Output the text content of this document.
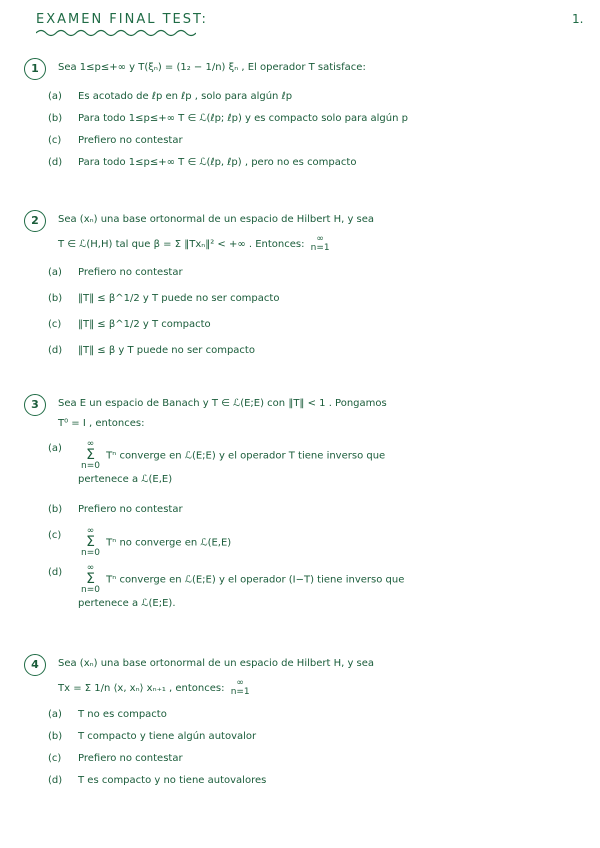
EXAMEN FINAL TEST:	1.
1	Sea 1≤p≤+∞ y T(ξₙ) = (1₂ − 1/n) ξₙ , El operador T satisface:
(a) Es acotado de ℓp en ℓp , solo para algún ℓp
(b) Para todo 1≤p≤+∞ T ∈ ℒ(ℓp; ℓp) y es compacto solo para algún p
(c) Prefiero no contestar
(d) Para todo 1≤p≤+∞ T ∈ ℒ(ℓp, ℓp) , pero no es compacto
2	Sea (xₙ) una base ortonormal de un espacio de Hilbert H, y sea
T ∈ ℒ(H,H) tal que β = Σ ‖Txₙ‖² < +∞ . Entonces: ∞
n=1
(a) Prefiero no contestar
(b) ‖T‖ ≤ β^1/2 y T puede no ser compacto
(c) ‖T‖ ≤ β^1/2 y T compacto
(d) ‖T‖ ≤ β y T puede no ser compacto
3	Sea E un espacio de Banach y T ∈ ℒ(E;E) con ‖T‖ < 1 . Pongamos
T⁰ = I , entonces:
(a)	∞
Σ
n=0 Tⁿ converge en ℒ(E;E) y el operador T tiene inverso que
pertenece a ℒ(E,E)
(b) Prefiero no contestar
(c)	∞
Σ
n=0 Tⁿ no converge en ℒ(E,E)
(d)	∞
Σ
n=0 Tⁿ converge en ℒ(E;E) y el operador (I−T) tiene inverso que
pertenece a ℒ(E;E).
4	Sea (xₙ) una base ortonormal de un espacio de Hilbert H, y sea
Tx = Σ 1/n ⟨x, xₙ⟩ xₙ₊₁ , entonces: ∞
n=1
(a) T no es compacto
(b) T compacto y tiene algún autovalor
(c) Prefiero no contestar
(d) T es compacto y no tiene autovalores
